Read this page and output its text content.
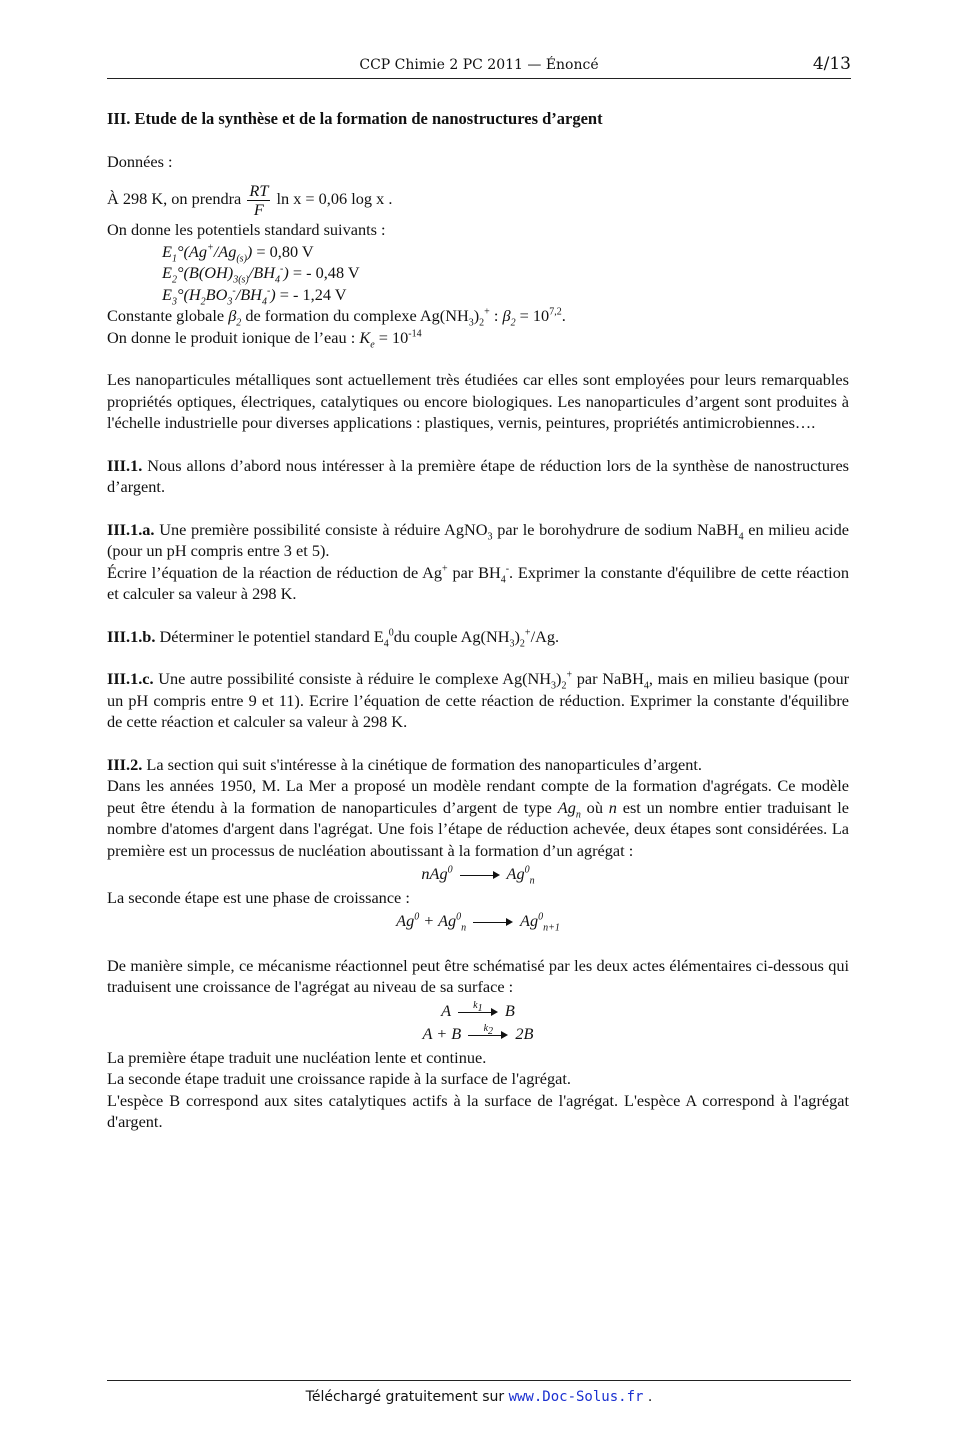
CCP Chimie 2 PC 2011 — Énoncé	4/13

III. Etude de la synthèse et de la formation de nanostructures d’argent

Données :

À 298 K, on prendra $\frac{RT}{F}$ ln x = 0,06 log x .

On donne les potentiels standard suivants :

$E_1^\circ(Ag^+/Ag_{(s)}) = 0,80$ V

$E_2^\circ(B(OH)_{3(s)}/BH_4^-)$ = - 0,48 V

$E_3^\circ(H_2BO_3^-/BH_4^-)$ = - 1,24 V

Constante globale $\beta_2$ de formation du complexe $Ag(NH_3)_2^+$ : $\beta_2 = 10^{7,2}$.

On donne le produit ionique de l’eau : $K_e = 10^{-14}$

Les nanoparticules métalliques sont actuellement très étudiées car elles sont employées pour leurs remarquables propriétés optiques, électriques, catalytiques ou encore biologiques. Les nanoparticules d’argent sont produites à l'échelle industrielle pour diverses applications : plastiques, vernis, peintures, propriétés antimicrobiennes….

III.1. Nous allons d’abord nous intéresser à la première étape de réduction lors de la synthèse de nanostructures d’argent.

III.1.a. Une première possibilité consiste à réduire AgNO$_3$ par le borohydrure de sodium NaBH$_4$ en milieu acide (pour un pH compris entre 3 et 5).

Écrire l’équation de la réaction de réduction de Ag+ par $BH_4^-$. Exprimer la constante d'équilibre de cette réaction et calculer sa valeur à 298 K.

III.1.b. Déterminer le potentiel standard $E_4^0du$ couple $Ag(NH_3)_2^+/Ag$.

III.1.c. Une autre possibilité consiste à réduire le complexe $Ag(NH_3)_2^+$ par NaBH$_4$, mais en milieu basique (pour un pH compris entre 9 et 11). Ecrire l’équation de cette réaction de réduction. Exprimer la constante d'équilibre de cette réaction et calculer sa valeur à 298 K.

III.2. La section qui suit s'intéresse à la cinétique de formation des nanoparticules d’argent.

Dans les années 1950, M. La Mer a proposé un modèle rendant compte de la formation d'agrégats. Ce modèle peut être étendu à la formation de nanoparticules d’argent de type $Ag_n$ où n est un nombre entier traduisant le nombre d'atomes d'argent dans l'agrégat. Une fois l’étape de réduction achevée, deux étapes sont considérées. La première est un processus de nucléation aboutissant à la formation d’un agrégat :

nAg$^0$	$Ag^0_n$

La seconde étape est une phase de croissance :

$Ag^0 + Ag^0_n$	$Ag^0_{n+1}$

De manière simple, ce mécanisme réactionnel peut être schématisé par les deux actes élémentaires ci-dessous qui traduisent une croissance de l'agrégat au niveau de sa surface :

A	$k_1$	B

A + B	$k_2$	2B

La première étape traduit une nucléation lente et continue.

La seconde étape traduit une croissance rapide à la surface de l'agrégat.

L'espèce B correspond aux sites catalytiques actifs à la surface de l'agrégat. L'espèce A correspond à l'agrégat d'argent.

Téléchargé gratuitement sur www.Doc-Solus.fr .
